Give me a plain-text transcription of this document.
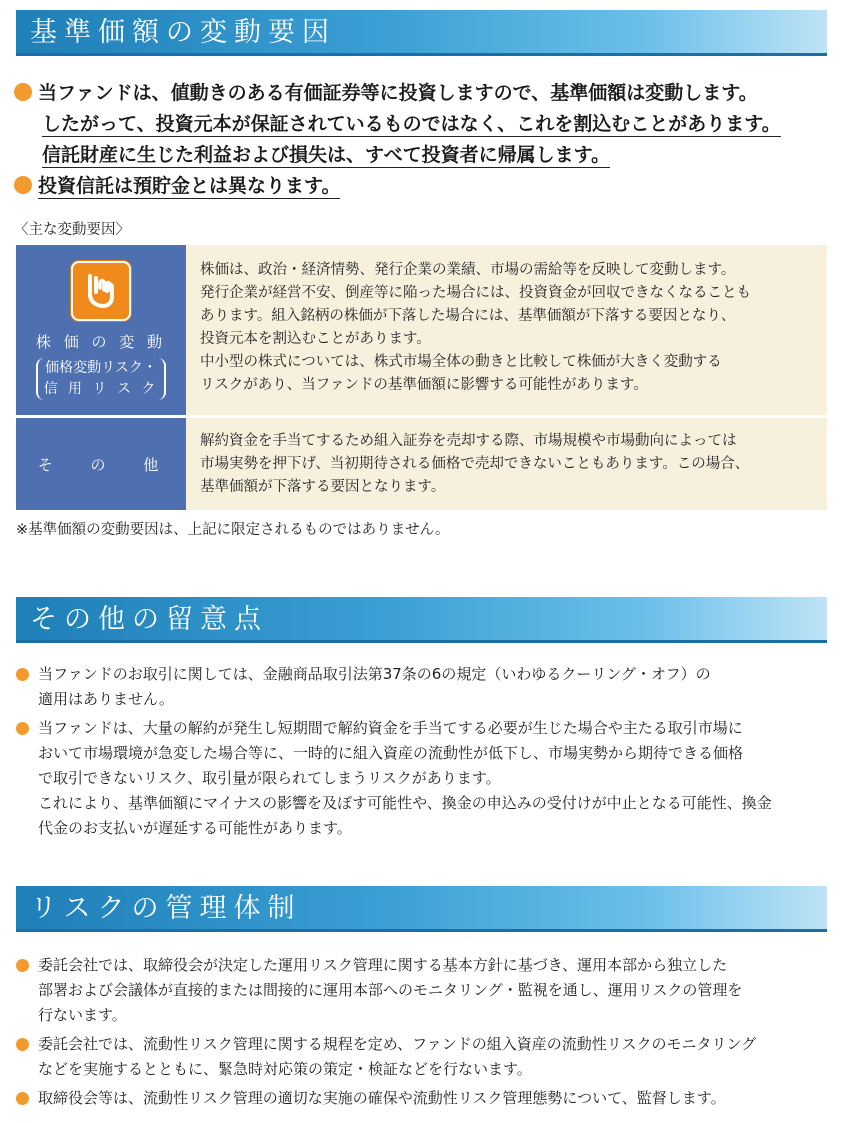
基準価額の変動要因
当ファンドは、値動きのある有価証券等に投資しますので、基準価額は変動します。
したがって、投資元本が保証されているものではなく、これを割込むことがあります。
信託財産に生じた利益および損失は、すべて投資者に帰属します。
投資信託は預貯金とは異なります。
〈主な変動要因〉
株 価 の 変 動
価格変動リスク・
信 用 リ ス ク
株価は、政治・経済情勢、発行企業の業績、市場の需給等を反映して変動します。
発行企業が経営不安、倒産等に陥った場合には、投資資金が回収できなくなることも
あります。組入銘柄の株価が下落した場合には、基準価額が下落する要因となり、
投資元本を割込むことがあります。
中小型の株式については、株式市場全体の動きと比較して株価が大きく変動する
リスクがあり、当ファンドの基準価額に影響する可能性があります。
そ　 の 　他
解約資金を手当てするため組入証券を売却する際、市場規模や市場動向によっては
市場実勢を押下げ、当初期待される価格で売却できないこともあります。この場合、
基準価額が下落する要因となります。
※基準価額の変動要因は、上記に限定されるものではありません。
その他の留意点
当ファンドのお取引に関しては、金融商品取引法第37条の6の規定（いわゆるクーリング・オフ）の
適用はありません。
当ファンドは、大量の解約が発生し短期間で解約資金を手当てする必要が生じた場合や主たる取引市場に
おいて市場環境が急変した場合等に、一時的に組入資産の流動性が低下し、市場実勢から期待できる価格
で取引できないリスク、取引量が限られてしまうリスクがあります。
これにより、基準価額にマイナスの影響を及ぼす可能性や、換金の申込みの受付けが中止となる可能性、換金
代金のお支払いが遅延する可能性があります。
リスクの管理体制
委託会社では、取締役会が決定した運用リスク管理に関する基本方針に基づき、運用本部から独立した
部署および会議体が直接的または間接的に運用本部へのモニタリング・監視を通し、運用リスクの管理を
行ないます。
委託会社では、流動性リスク管理に関する規程を定め、ファンドの組入資産の流動性リスクのモニタリング
などを実施するとともに、緊急時対応策の策定・検証などを行ないます。
取締役会等は、流動性リスク管理の適切な実施の確保や流動性リスク管理態勢について、監督します。
